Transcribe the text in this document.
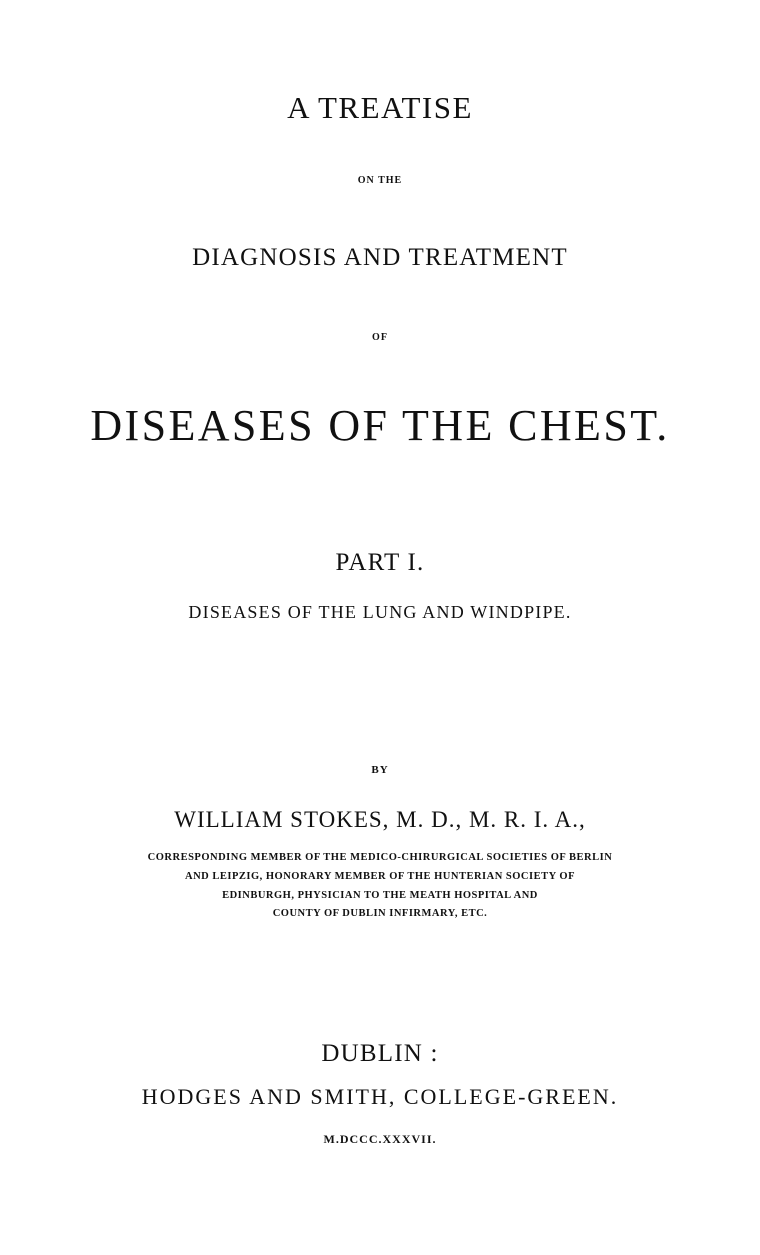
A TREATISE
ON THE
DIAGNOSIS AND TREATMENT
OF
DISEASES OF THE CHEST.
PART I.
DISEASES OF THE LUNG AND WINDPIPE.
BY
WILLIAM STOKES, M. D., M. R. I. A.,
CORRESPONDING MEMBER OF THE MEDICO-CHIRURGICAL SOCIETIES OF BERLIN
AND LEIPZIG, HONORARY MEMBER OF THE HUNTERIAN SOCIETY OF
EDINBURGH, PHYSICIAN TO THE MEATH HOSPITAL AND
COUNTY OF DUBLIN INFIRMARY, ETC.
DUBLIN :
HODGES AND SMITH, COLLEGE-GREEN.
M.DCCC.XXXVII.
